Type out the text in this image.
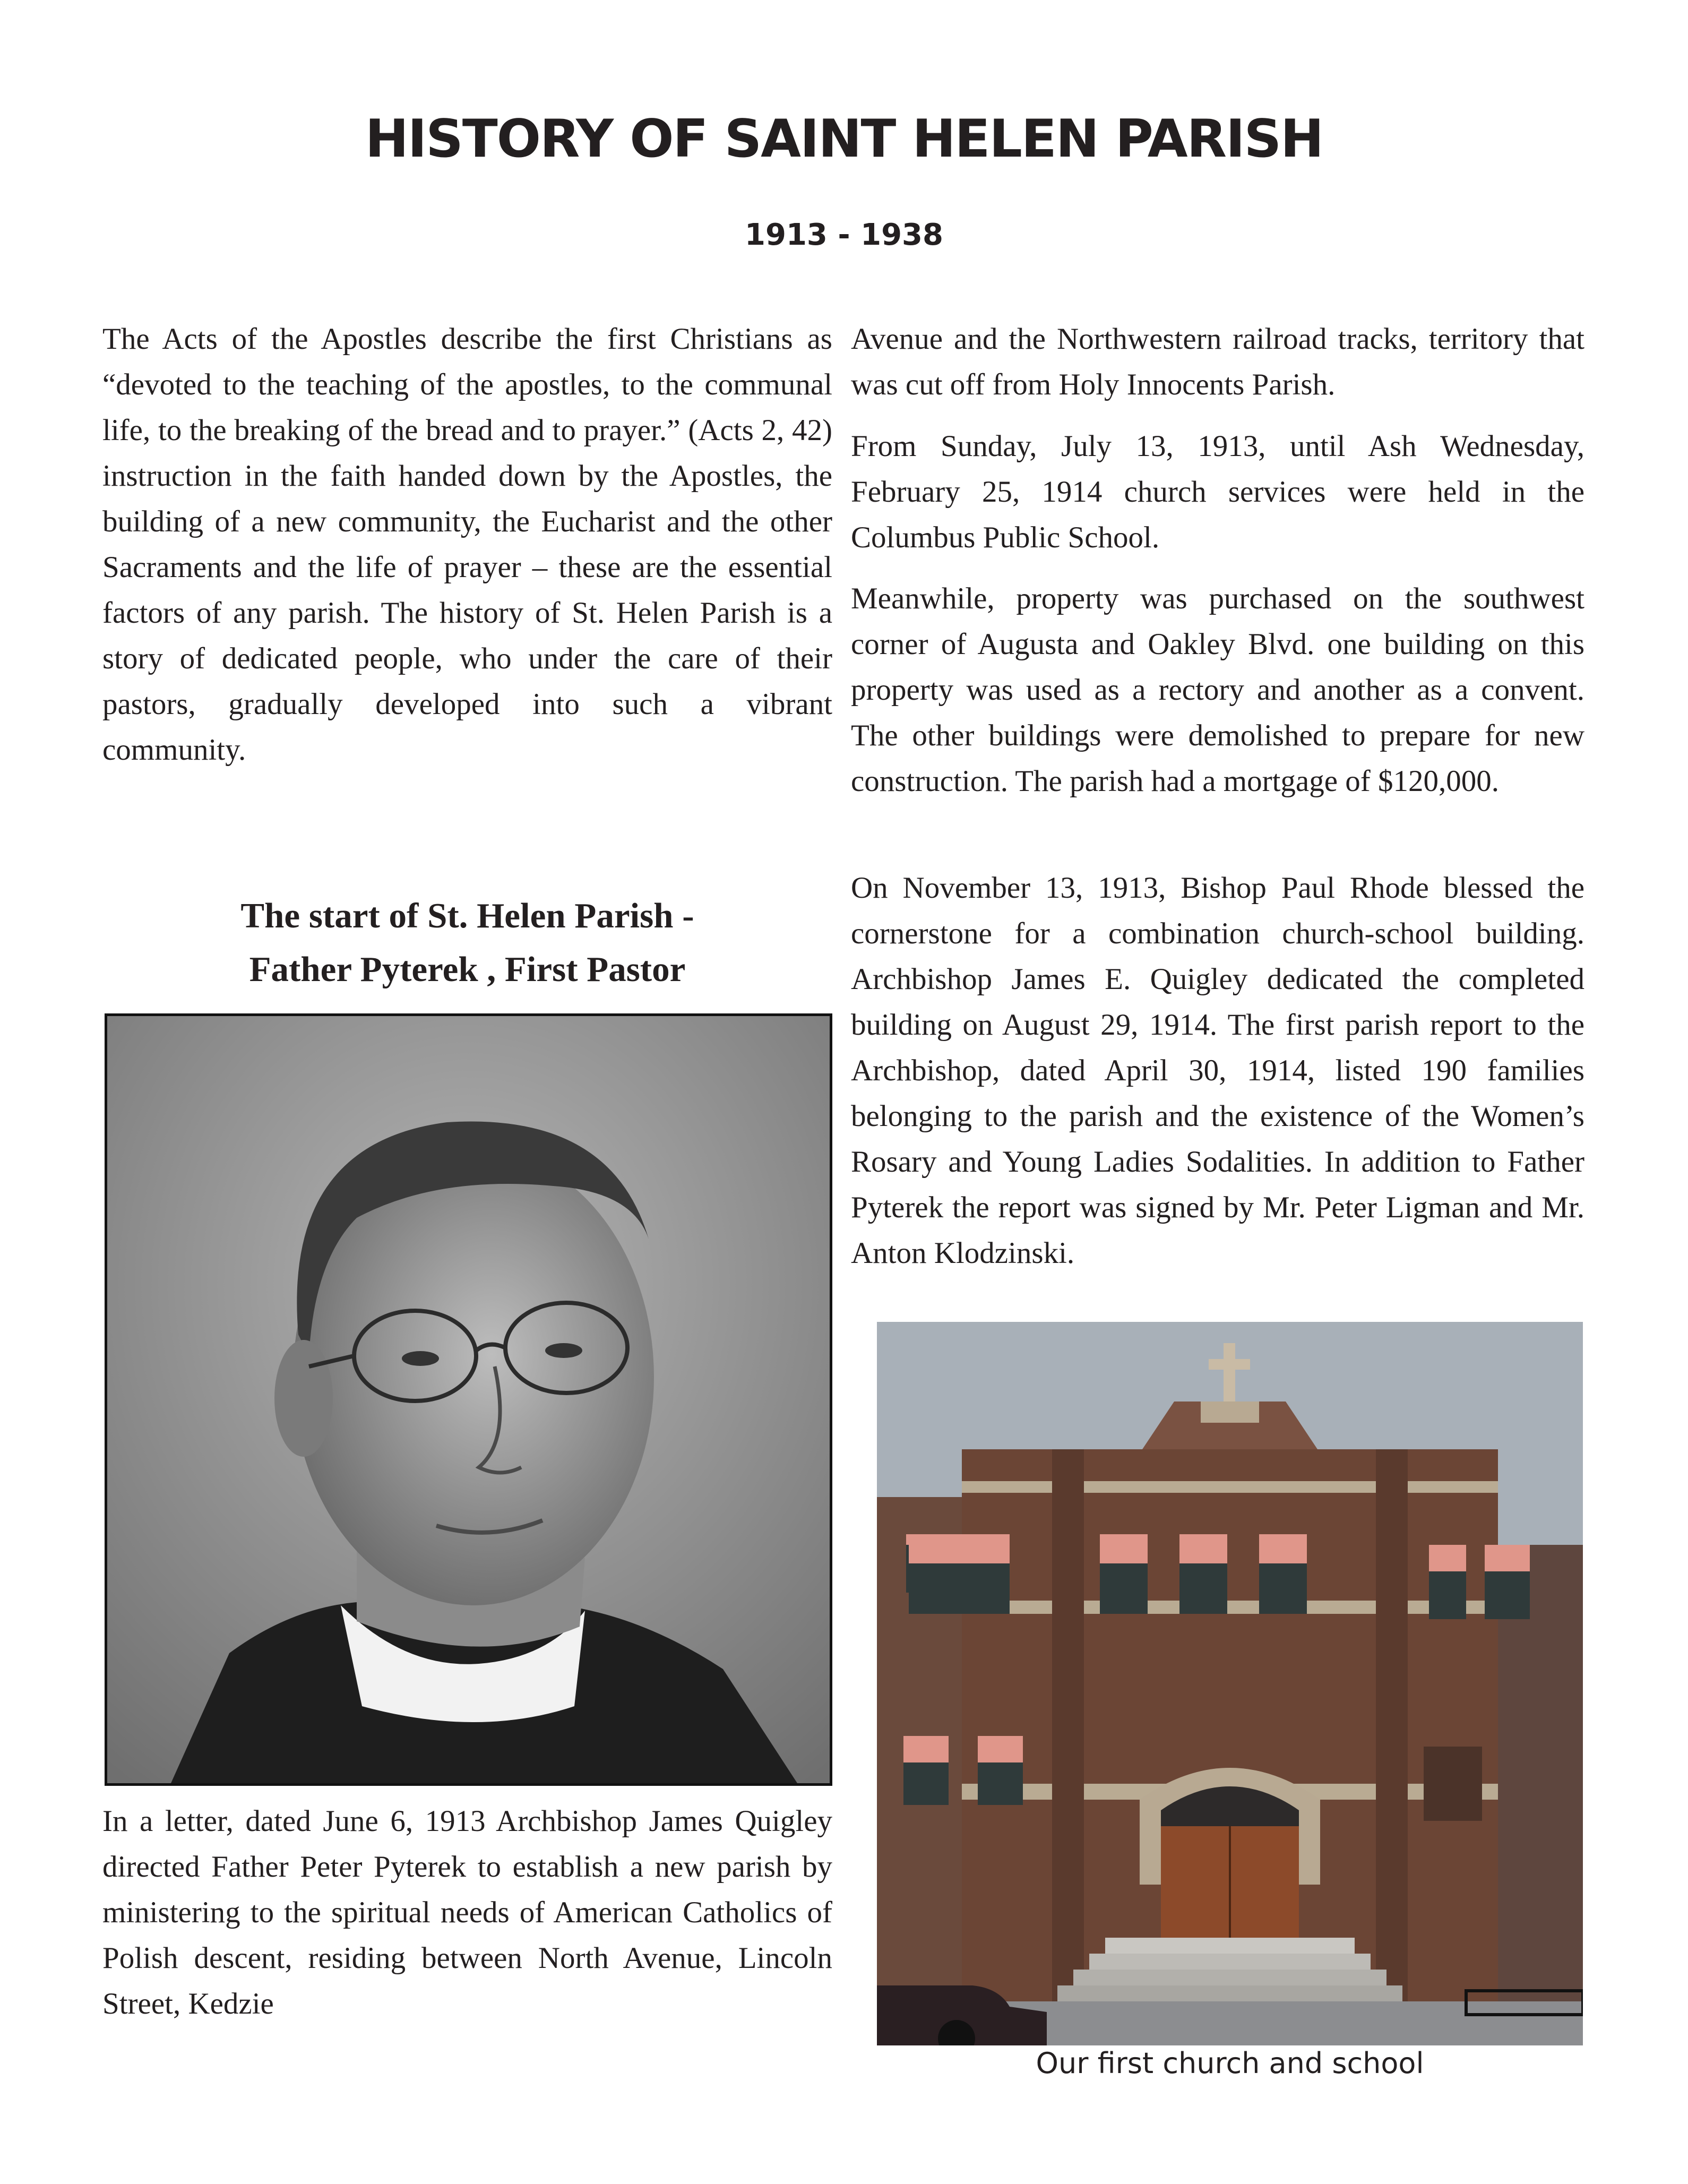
HISTORY OF SAINT HELEN PARISH
1913 - 1938

The Acts of the Apostles describe the first Christians as “devoted to the teaching of the apostles, to the communal life, to the breaking of the bread and to prayer.” (Acts 2, 42) instruction in the faith handed down by the Apostles, the building of a new community, the Eucharist and the other Sacraments and the life of prayer – these are the essential factors of any parish. The history of St. Helen Parish is a story of dedicated people, who under the care of their pastors, gradually developed into such a vibrant community.

The start of St. Helen Parish -
Father Pyterek , First Pastor

In a letter, dated June 6, 1913 Archbishop James Quigley directed Father Peter Pyterek to establish a new parish by ministering to the spiritual needs of American Catholics of Polish descent, residing between North Avenue, Lincoln Street, Kedzie

Avenue and the Northwestern railroad tracks, territory that was cut off from Holy Innocents Parish.

From Sunday, July 13, 1913, until Ash Wednesday, February 25, 1914 church services were held in the Columbus Public School.

Meanwhile, property was purchased on the southwest corner of Augusta and Oakley Blvd. one building on this property was used as a rectory and another as a convent. The other buildings were demolished to prepare for new construction. The parish had a mortgage of $120,000.

On November 13, 1913, Bishop Paul Rhode blessed the cornerstone for a combination church-school building. Archbishop James E. Quigley dedicated the completed building on August 29, 1914. The first parish report to the Archbishop, dated April 30, 1914, listed 190 families belonging to the parish and the existence of the Women’s Rosary and Young Ladies Sodalities. In addition to Father Pyterek the report was signed by Mr. Peter Ligman and Mr. Anton Klodzinski.

Our first church and school
